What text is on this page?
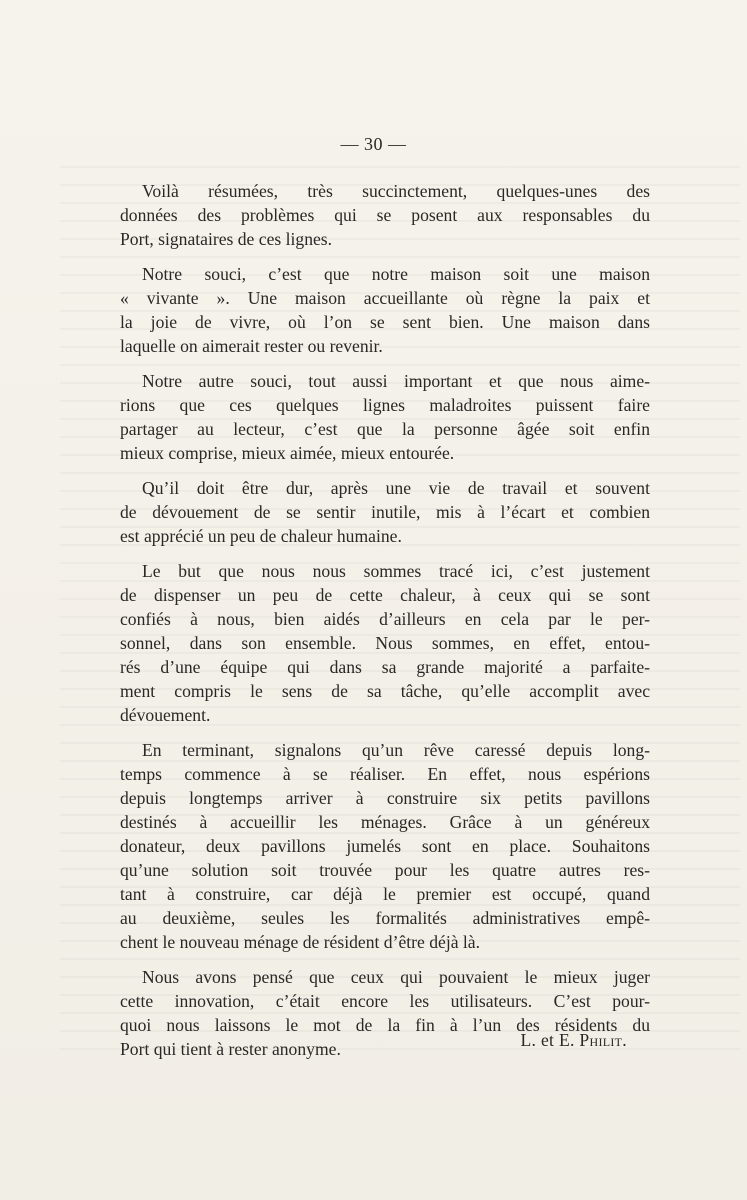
— 30 —
Voilà résumées, très succinctement, quelques-unes des
données des problèmes qui se posent aux responsables du
Port, signataires de ces lignes.
Notre souci, c’est que notre maison soit une maison
« vivante ». Une maison accueillante où règne la paix et
la joie de vivre, où l’on se sent bien. Une maison dans
laquelle on aimerait rester ou revenir.
Notre autre souci, tout aussi important et que nous aime-
rions que ces quelques lignes maladroites puissent faire
partager au lecteur, c’est que la personne âgée soit enfin
mieux comprise, mieux aimée, mieux entourée.
Qu’il doit être dur, après une vie de travail et souvent
de dévouement de se sentir inutile, mis à l’écart et combien
est apprécié un peu de chaleur humaine.
Le but que nous nous sommes tracé ici, c’est justement
de dispenser un peu de cette chaleur, à ceux qui se sont
confiés à nous, bien aidés d’ailleurs en cela par le per-
sonnel, dans son ensemble. Nous sommes, en effet, entou-
rés d’une équipe qui dans sa grande majorité a parfaite-
ment compris le sens de sa tâche, qu’elle accomplit avec
dévouement.
En terminant, signalons qu’un rêve caressé depuis long-
temps commence à se réaliser. En effet, nous espérions
depuis longtemps arriver à construire six petits pavillons
destinés à accueillir les ménages. Grâce à un généreux
donateur, deux pavillons jumelés sont en place. Souhaitons
qu’une solution soit trouvée pour les quatre autres res-
tant à construire, car déjà le premier est occupé, quand
au deuxième, seules les formalités administratives empê-
chent le nouveau ménage de résident d’être déjà là.
Nous avons pensé que ceux qui pouvaient le mieux juger
cette innovation, c’était encore les utilisateurs. C’est pour-
quoi nous laissons le mot de la fin à l’un des résidents du
Port qui tient à rester anonyme.	L. et E. Philit.
